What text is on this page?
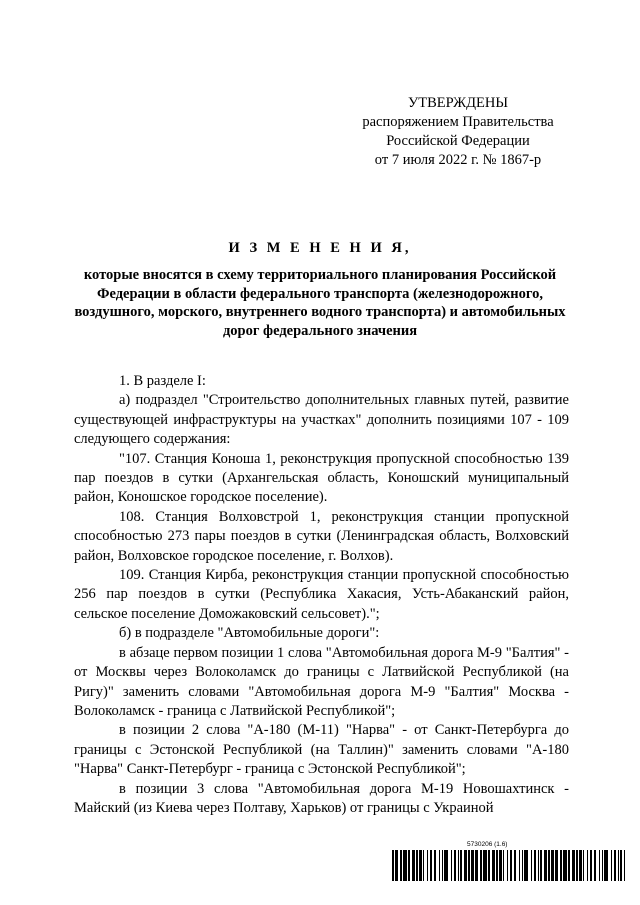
УТВЕРЖДЕНЫ
распоряжением Правительства
Российской Федерации
от 7 июля 2022 г. № 1867-р
И З М Е Н Е Н И Я,
которые вносятся в схему территориального планирования Российской Федерации в области федерального транспорта (железнодорожного, воздушного, морского, внутреннего водного транспорта) и автомобильных дорог федерального значения

1. В разделе I:

а) подраздел "Строительство дополнительных главных путей, развитие существующей инфраструктуры на участках" дополнить позициями 107 - 109 следующего содержания:

"107. Станция Коноша 1, реконструкция пропускной способностью 139 пар поездов в сутки (Архангельская область, Коношский муниципальный район, Коношское городское поселение).

108. Станция Волховстрой 1, реконструкция станции пропускной способностью 273 пары поездов в сутки (Ленинградская область, Волховский район, Волховское городское поселение, г. Волхов).

109. Станция Кирба, реконструкция станции пропускной способностью 256 пар поездов в сутки (Республика Хакасия, Усть-Абаканский район, сельское поселение Доможаковский сельсовет).";

б) в подразделе "Автомобильные дороги":

в абзаце первом позиции 1 слова "Автомобильная дорога М-9 "Балтия" - от Москвы через Волоколамск до границы с Латвийской Республикой (на Ригу)" заменить словами "Автомобильная дорога М-9 "Балтия" Москва - Волоколамск - граница с Латвийской Республикой";

в позиции 2 слова "А-180 (М-11) "Нарва" - от Санкт-Петербурга до границы с Эстонской Республикой (на Таллин)" заменить словами "А-180 "Нарва" Санкт-Петербург - граница с Эстонской Республикой";

в позиции 3 слова "Автомобильная дорога М-19 Новошахтинск - Майский (из Киева через Полтаву, Харьков) от границы с Украиной

5730206 (1.6)
